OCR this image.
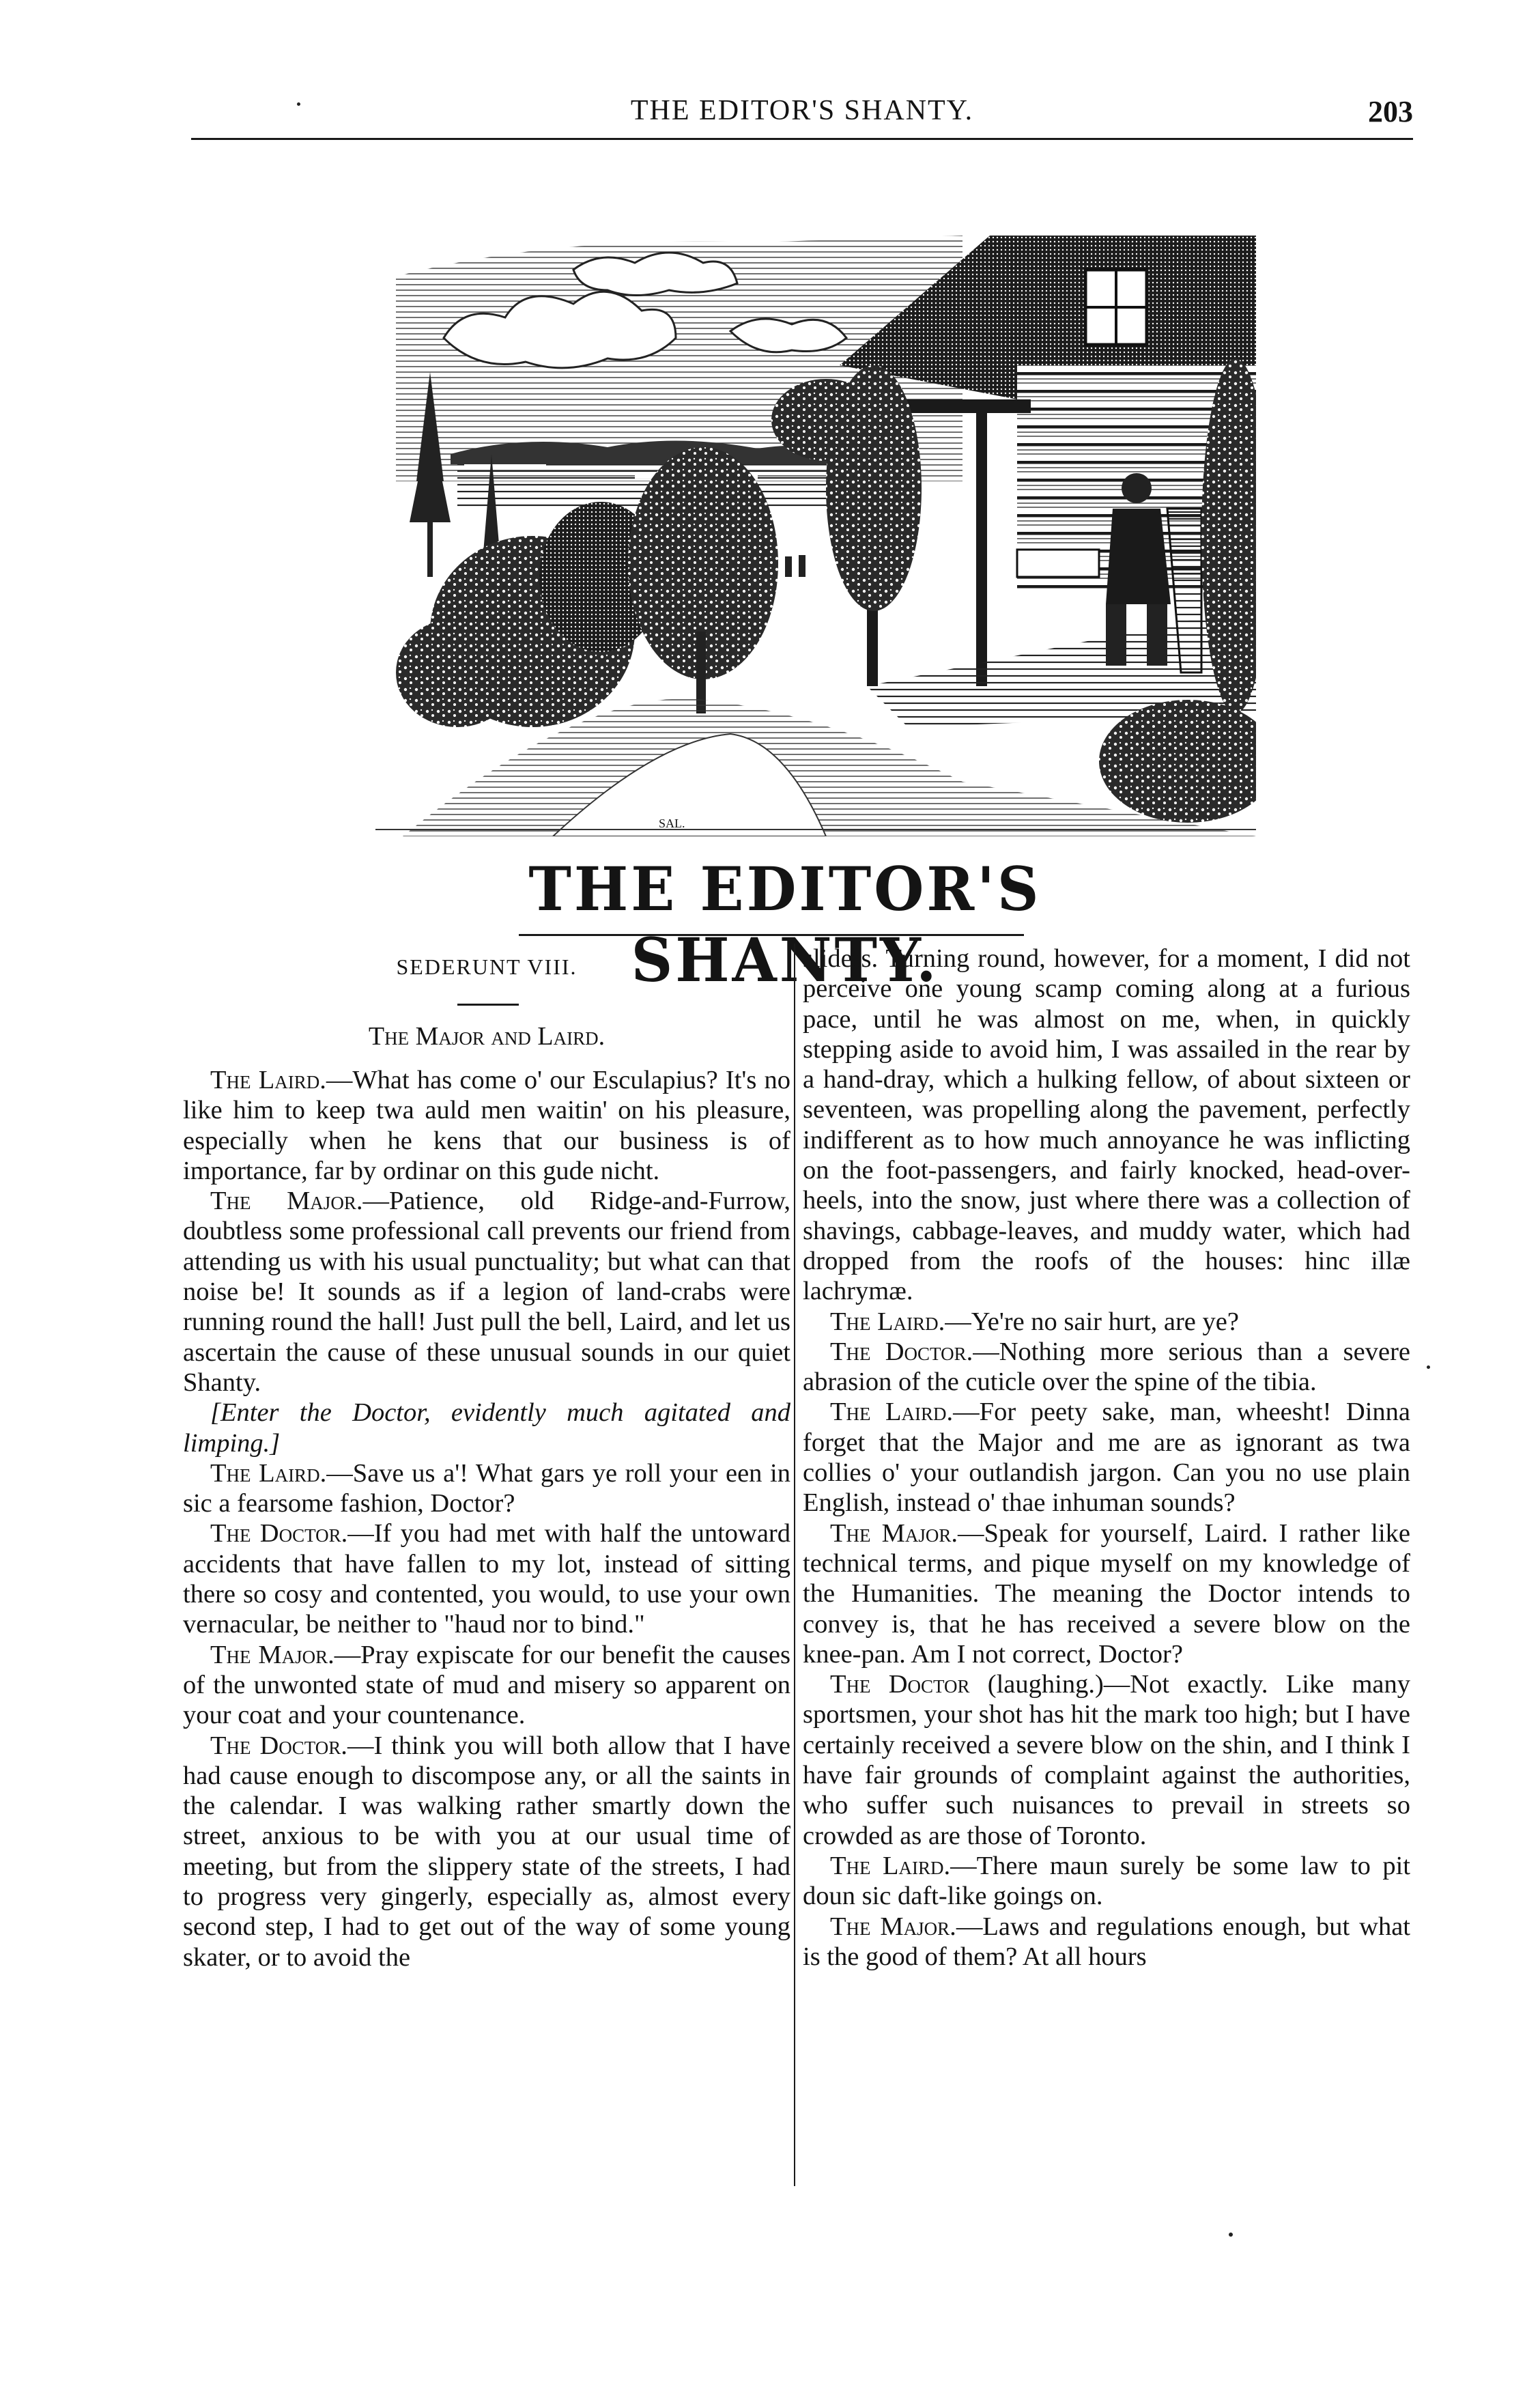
THE EDITOR'S SHANTY.	203
SAL.
THE EDITOR'S SHANTY.
SEDERUNT VIII.
The Major and Laird.

The Laird.—What has come o' our Esculapius? It's no like him to keep twa auld men waitin' on his pleasure, especially when he kens that our business is of importance, far by ordinar on this gude nicht.

The Major.—Patience, old Ridge-and-Furrow, doubtless some professional call prevents our friend from attending us with his usual punctuality; but what can that noise be! It sounds as if a legion of land-crabs were running round the hall! Just pull the bell, Laird, and let us ascertain the cause of these unusual sounds in our quiet Shanty.

[Enter the Doctor, evidently much agitated and limping.]

The Laird.—Save us a'! What gars ye roll your een in sic a fearsome fashion, Doctor?

The Doctor.—If you had met with half the untoward accidents that have fallen to my lot, instead of sitting there so cosy and contented, you would, to use your own vernacular, be neither to "haud nor to bind."

The Major.—Pray expiscate for our benefit the causes of the unwonted state of mud and misery so apparent on your coat and your countenance.

The Doctor.—I think you will both allow that I have had cause enough to discompose any, or all the saints in the calendar. I was walking rather smartly down the street, anxious to be with you at our usual time of meeting, but from the slippery state of the streets, I had to progress very gingerly, especially as, almost every second step, I had to get out of the way of some young skater, or to avoid the

sliders. Turning round, however, for a moment, I did not perceive one young scamp coming along at a furious pace, until he was almost on me, when, in quickly stepping aside to avoid him, I was assailed in the rear by a hand-dray, which a hulking fellow, of about sixteen or seventeen, was propelling along the pavement, perfectly indifferent as to how much annoyance he was inflicting on the foot-passengers, and fairly knocked, head-over-heels, into the snow, just where there was a collection of shavings, cabbage-leaves, and muddy water, which had dropped from the roofs of the houses: hinc illæ lachrymæ.

The Laird.—Ye're no sair hurt, are ye?

The Doctor.—Nothing more serious than a severe abrasion of the cuticle over the spine of the tibia.

The Laird.—For peety sake, man, wheesht! Dinna forget that the Major and me are as ignorant as twa collies o' your outlandish jargon. Can you no use plain English, instead o' thae inhuman sounds?

The Major.—Speak for yourself, Laird. I rather like technical terms, and pique myself on my knowledge of the Humanities. The meaning the Doctor intends to convey is, that he has received a severe blow on the knee-pan. Am I not correct, Doctor?

The Doctor (laughing.)—Not exactly. Like many sportsmen, your shot has hit the mark too high; but I have certainly received a severe blow on the shin, and I think I have fair grounds of complaint against the authorities, who suffer such nuisances to prevail in streets so crowded as are those of Toronto.

The Laird.—There maun surely be some law to pit doun sic daft-like goings on.

The Major.—Laws and regulations enough, but what is the good of them? At all hours
